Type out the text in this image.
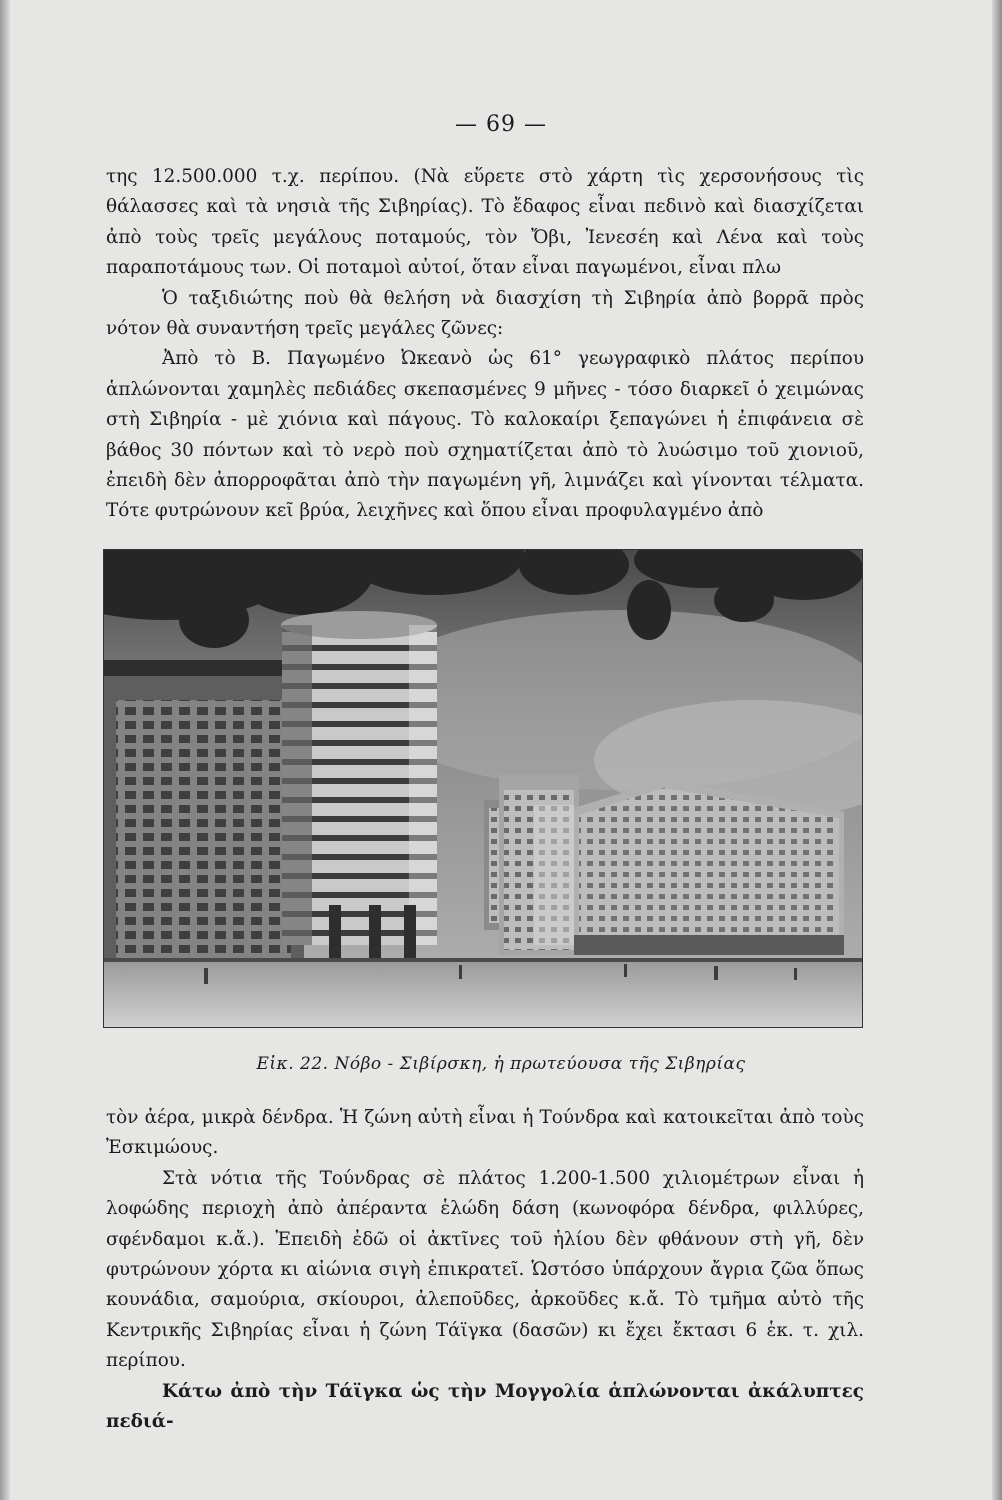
— 69 —

της 12.500.000 τ.χ. περίπου. (Νὰ εὕρετε στὸ χάρτη τὶς χερσονήσους τὶς θάλασσες καὶ τὰ νησιὰ τῆς Σιβηρίας). Τὸ ἔδαφος εἶναι πεδινὸ καὶ διασχίζεται ἀπὸ τοὺς τρεῖς μεγάλους ποταμούς, τὸν Ὄβι, Ἰενεσέη καὶ Λένα καὶ τοὺς παραποτάμους των. Οἱ ποταμοὶ αὐτοί, ὅταν εἶναι παγωμένοι, εἶναι πλω

Ὁ ταξιδιώτης ποὺ θὰ θελήση νὰ διασχίση τὴ Σιβηρία ἀπὸ βορρᾶ πρὸς νότον θὰ συναντήση τρεῖς μεγάλες ζῶνες:

Ἀπὸ τὸ Β. Παγωμένο Ὠκεανὸ ὡς 61° γεωγραφικὸ πλάτος περίπου ἁπλώνονται χαμηλὲς πεδιάδες σκεπασμένες 9 μῆνες - τόσο διαρκεῖ ὁ χειμώνας στὴ Σιβηρία - μὲ χιόνια καὶ πάγους. Τὸ καλοκαίρι ξεπαγώνει ἡ ἐπιφάνεια σὲ βάθος 30 πόντων καὶ τὸ νερὸ ποὺ σχηματίζεται ἀπὸ τὸ λυώσιμο τοῦ χιονιοῦ, ἐπειδὴ δὲν ἀπορροφᾶται ἀπὸ τὴν παγωμένη γῆ, λιμνάζει καὶ γίνονται τέλματα. Τότε φυτρώνουν κεῖ βρύα, λειχῆνες καὶ ὅπου εἶναι προφυλαγμένο ἀπὸ

Εἰκ. 22. Νόβο - Σιβίρσκη, ἡ πρωτεύουσα τῆς Σιβηρίας

τὸν ἀέρα, μικρὰ δένδρα. Ἡ ζώνη αὐτὴ εἶναι ἡ Τούνδρα καὶ κατοικεῖται ἀπὸ τοὺς Ἐσκιμώους.

Στὰ νότια τῆς Τούνδρας σὲ πλάτος 1.200-1.500 χιλιομέτρων εἶναι ἡ λοφώδης περιοχὴ ἀπὸ ἀπέραντα ἑλώδη δάση (κωνοφόρα δένδρα, φιλλύρες, σφένδαμοι κ.ἄ.). Ἐπειδὴ ἐδῶ οἱ ἀκτῖνες τοῦ ἡλίου δὲν φθάνουν στὴ γῆ, δὲν φυτρώνουν χόρτα κι αἰώνια σιγὴ ἐπικρατεῖ. Ὡστόσο ὑπάρχουν ἄγρια ζῶα ὅπως κουνάδια, σαμούρια, σκίουροι, ἀλεποῦδες, ἀρκοῦδες κ.ἄ. Τὸ τμῆμα αὐτὸ τῆς Κεντρικῆς Σιβηρίας εἶναι ἡ ζώνη Τάϊγκα (δασῶν) κι ἔχει ἔκτασι 6 ἑκ. τ. χιλ. περίπου.

Κάτω ἀπὸ τὴν Τάϊγκα ὡς τὴν Μογγολία ἁπλώνονται ἀκάλυπτες πεδιά-
